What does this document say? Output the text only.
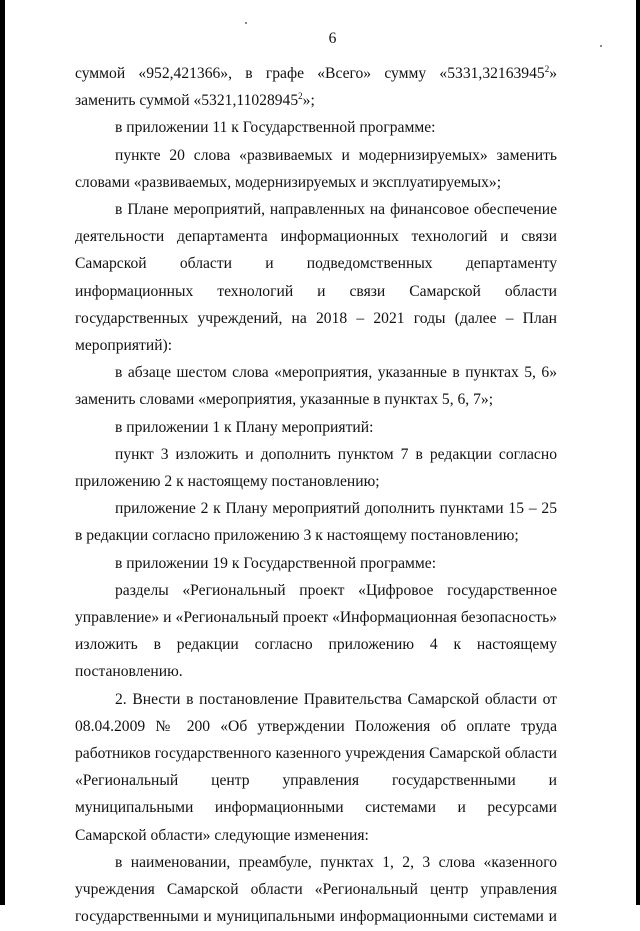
6

суммой «952,421366», в графе «Всего» сумму «5331,32163945$^2$» заменить суммой «5321,11028945$^2$»;

в приложении 11 к Государственной программе:

пункте 20 слова «развиваемых и модернизируемых» заменить словами «развиваемых, модернизируемых и эксплуатируемых»;

в Плане мероприятий, направленных на финансовое обеспечение деятельности департамента информационных технологий и связи Самарской области и подведомственных департаменту информационных технологий и связи Самарской области государственных учреждений, на 2018 – 2021 годы (далее – План мероприятий):

в абзаце шестом слова «мероприятия, указанные в пунктах 5, 6» заменить словами «мероприятия, указанные в пунктах 5, 6, 7»;

в приложении 1 к Плану мероприятий:

пункт 3 изложить и дополнить пунктом 7 в редакции согласно приложению 2 к настоящему постановлению;

приложение 2 к Плану мероприятий дополнить пунктами 15 – 25 в редакции согласно приложению 3 к настоящему постановлению;

в приложении 19 к Государственной программе:

разделы «Региональный проект «Цифровое государственное управление» и «Региональный проект «Информационная безопасность» изложить в редакции согласно приложению 4 к настоящему постановлению.

2. Внести в постановление Правительства Самарской области от 08.04.2009 № 200 «Об утверждении Положения об оплате труда работников государственного казенного учреждения Самарской области «Региональный центр управления государственными и муниципальными информационными системами и ресурсами Самарской области» следующие изменения:

в наименовании, преамбуле, пунктах 1, 2, 3 слова «казенного учреждения Самарской области «Региональный центр управления государственными и муниципальными информационными системами и
